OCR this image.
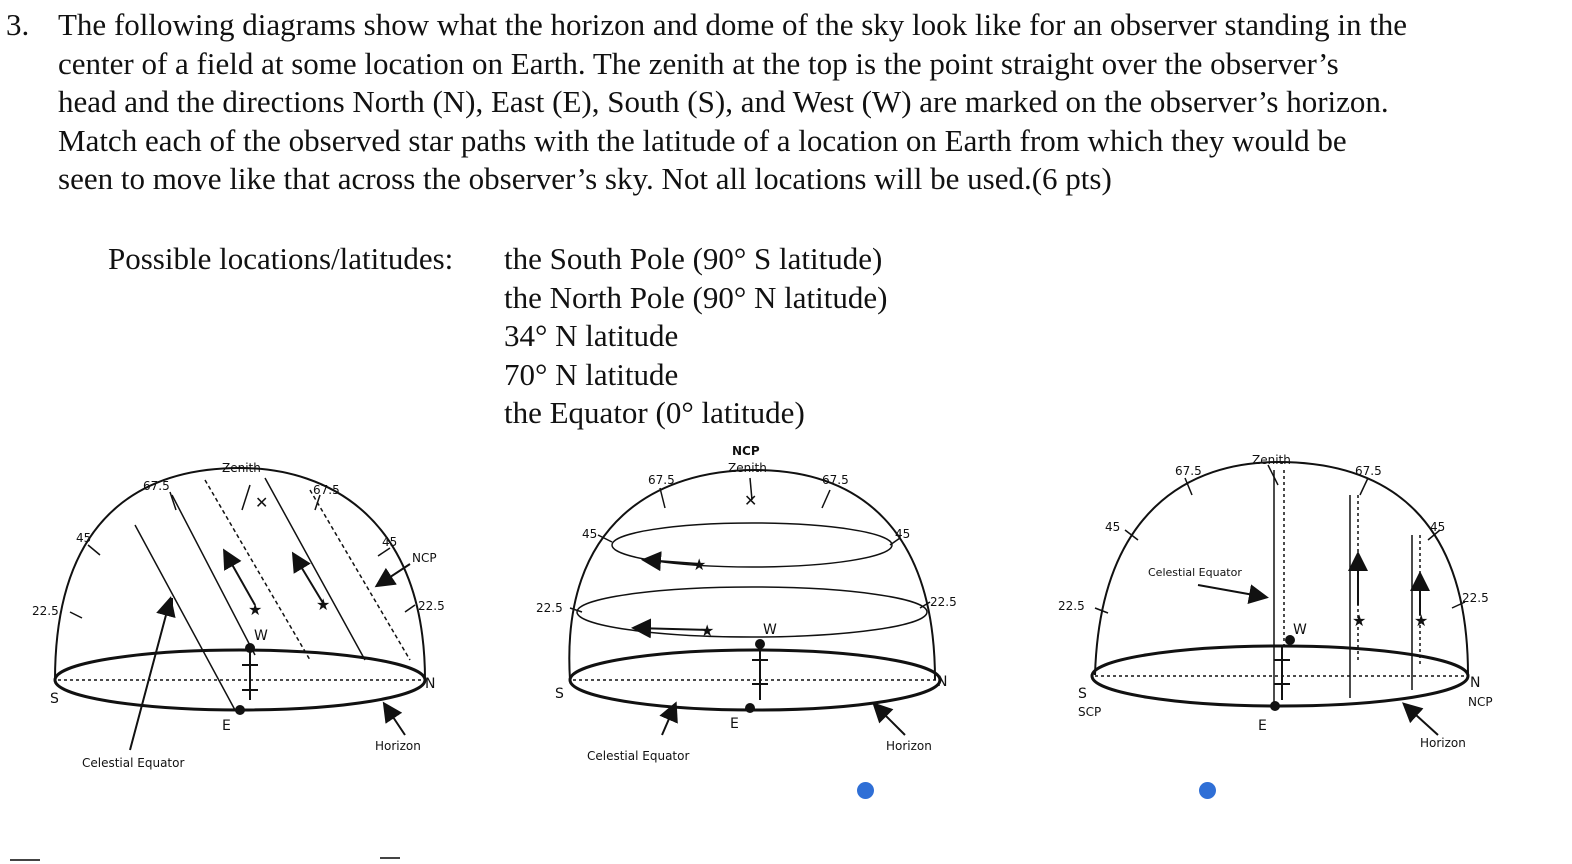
3. The following diagrams show what the horizon and dome of the sky look like for an observer standing in the
center of a field at some location on Earth. The zenith at the top is the point straight over the observer’s
head and the directions North (N), East (E), South (S), and West (W) are marked on the observer’s horizon.
Match each of the observed star paths with the latitude of a location on Earth from which they would be
seen to move like that across the observer’s sky. Not all locations will be used.(6 pts)
Possible locations/latitudes: the South Pole (90° S latitude)
the North Pole (90° N latitude)
34° N latitude
70° N latitude
the Equator (0° latitude)
✕
★	★
Zenith
67.5	67.5
45	45
22.5	22.5
NCP
S
N
E
W
Celestial Equator
Horizon
✕
★
★
NCP
Zenith
67.5	67.5
45	45
22.5	22.5
S
N
E
W
Celestial Equator
Horizon
★	★
Zenith
67.5	67.5
45	45
22.5
22.5
Celestial Equator
S
SCP
N
NCP
E
W
Horizon
